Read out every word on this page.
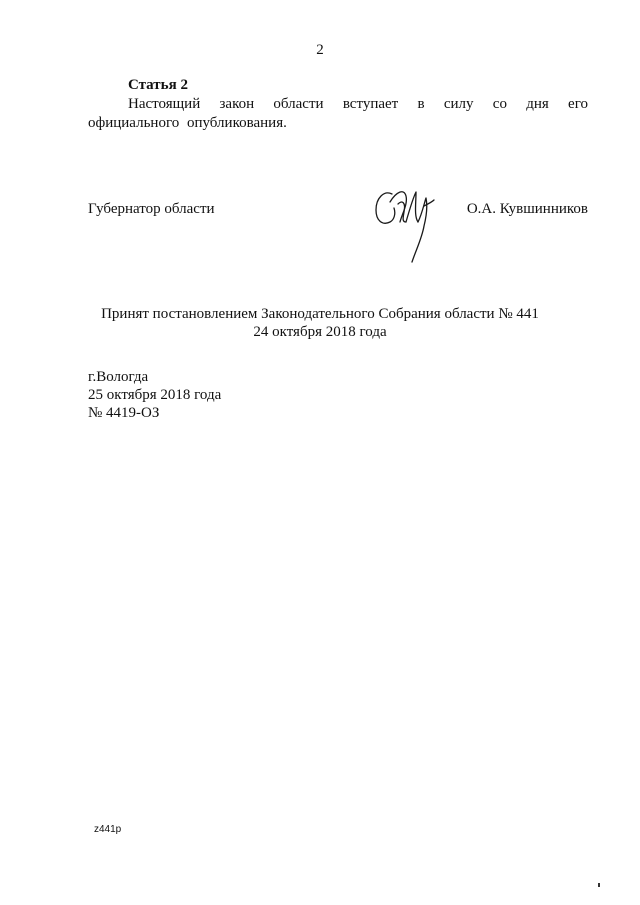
2
Статья 2
Настоящий закон области вступает в силу со дня его официального опубликования.
Губернатор области	О.А. Кувшинников
Принят постановлением Законодательного Собрания области № 441
24 октября 2018 года
г.Вологда
25 октября 2018 года
№ 4419-ОЗ
z441p
